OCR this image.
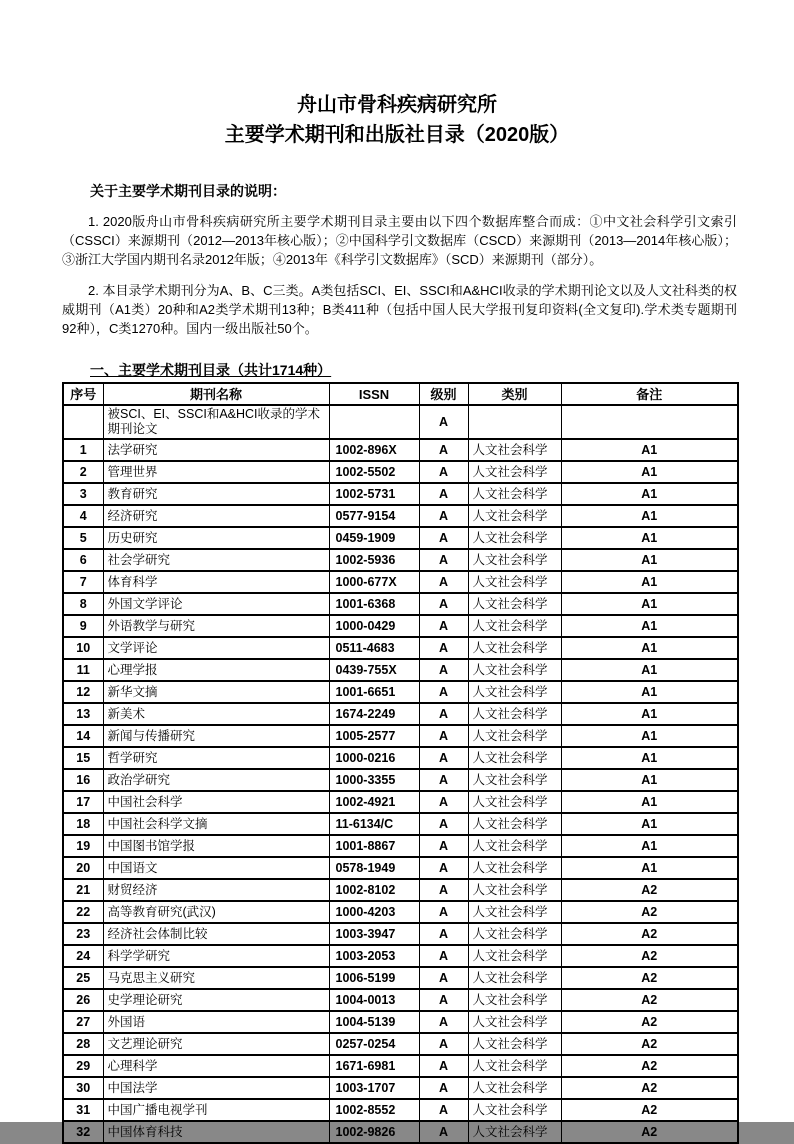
舟山市骨科疾病研究所
主要学术期刊和出版社目录（2020版）
关于主要学术期刊目录的说明：
1. 2020版舟山市骨科疾病研究所主要学术期刊目录主要由以下四个数据库整合而成：①中文社会科学引文索引（CSSCI）来源期刊（2012—2013年核心版）；②中国科学引文数据库（CSCD）来源期刊（2013—2014年核心版）；③浙江大学国内期刊名录2012年版；④2013年《科学引文数据库》（SCD）来源期刊（部分）。
2. 本目录学术期刊分为A、B、C三类。A类包括SCI、EI、SSCI和A&HCI收录的学术期刊论文以及人文社科类的权威期刊（A1类）20种和A2类学术期刊13种；B类411种（包括中国人民大学报刊复印资料(全文复印).学术类专题期刊92种），C类1270种。国内一级出版社50个。
一、主要学术期刊目录（共计1714种）
序号	期刊名称	ISSN	级别	类别	备注
	被SCI、EI、SSCI和A&HCI收录的学术期刊论文		A		
1	法学研究	1002-896X	A	人文社会科学	A1
2	管理世界	1002-5502	A	人文社会科学	A1
3	教育研究	1002-5731	A	人文社会科学	A1
4	经济研究	0577-9154	A	人文社会科学	A1
5	历史研究	0459-1909	A	人文社会科学	A1
6	社会学研究	1002-5936	A	人文社会科学	A1
7	体育科学	1000-677X	A	人文社会科学	A1
8	外国文学评论	1001-6368	A	人文社会科学	A1
9	外语教学与研究	1000-0429	A	人文社会科学	A1
10	文学评论	0511-4683	A	人文社会科学	A1
11	心理学报	0439-755X	A	人文社会科学	A1
12	新华文摘	1001-6651	A	人文社会科学	A1
13	新美术	1674-2249	A	人文社会科学	A1
14	新闻与传播研究	1005-2577	A	人文社会科学	A1
15	哲学研究	1000-0216	A	人文社会科学	A1
16	政治学研究	1000-3355	A	人文社会科学	A1
17	中国社会科学	1002-4921	A	人文社会科学	A1
18	中国社会科学文摘	11-6134/C	A	人文社会科学	A1
19	中国图书馆学报	1001-8867	A	人文社会科学	A1
20	中国语文	0578-1949	A	人文社会科学	A1
21	财贸经济	1002-8102	A	人文社会科学	A2
22	高等教育研究(武汉)	1000-4203	A	人文社会科学	A2
23	经济社会体制比较	1003-3947	A	人文社会科学	A2
24	科学学研究	1003-2053	A	人文社会科学	A2
25	马克思主义研究	1006-5199	A	人文社会科学	A2
26	史学理论研究	1004-0013	A	人文社会科学	A2
27	外国语	1004-5139	A	人文社会科学	A2
28	文艺理论研究	0257-0254	A	人文社会科学	A2
29	心理科学	1671-6981	A	人文社会科学	A2
30	中国法学	1003-1707	A	人文社会科学	A2
31	中国广播电视学刊	1002-8552	A	人文社会科学	A2
32	中国体育科技	1002-9826	A	人文社会科学	A2
